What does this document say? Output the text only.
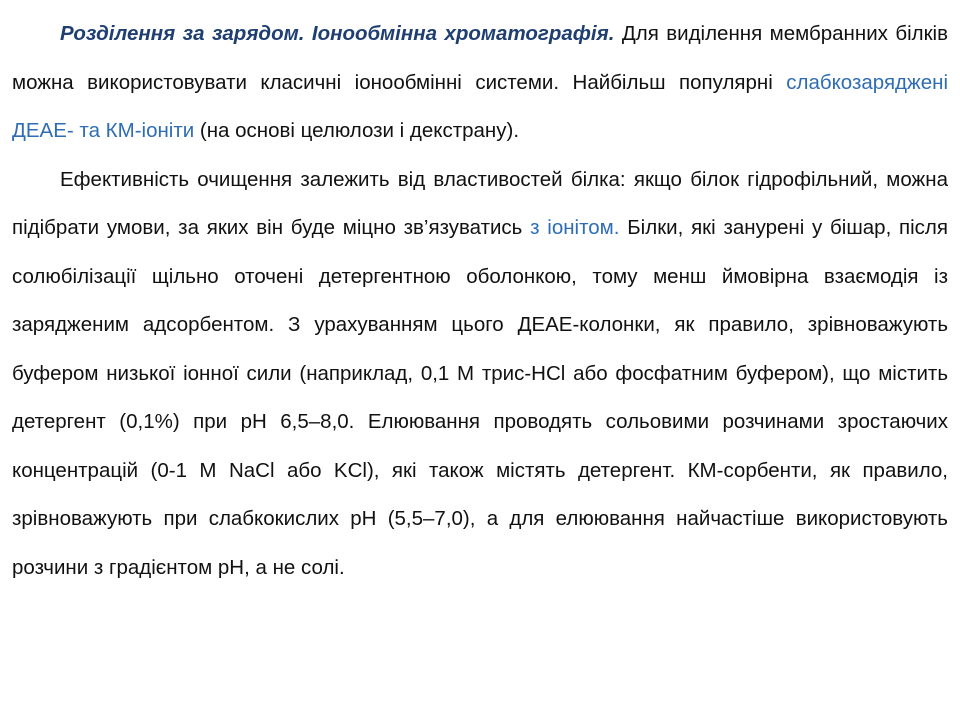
Розділення за зарядом. Іонообмінна хроматографія. Для виділення мембранних білків можна використовувати класичні іонообмінні системи. Найбільш популярні слабкозаряджені ДЕАЕ- та КМ-іоніти (на основі целюлози і декстрану).

Ефективність очищення залежить від властивостей білка: якщо білок гідрофільний, можна підібрати умови, за яких він буде міцно зв’язуватись з іонітом. Білки, які занурені у бішар, після солюбілізації щільно оточені детергентною оболонкою, тому менш ймовірна взаємодія із зарядженим адсорбентом. З урахуванням цього ДЕАЕ-колонки, як правило, зрівноважують буфером низької іонної сили (наприклад, 0,1 М трис-HCl або фосфатним буфером), що містить детергент (0,1%) при pH 6,5–8,0. Елюювання проводять сольовими розчинами зростаючих концентрацій (0-1 М NaCl або KCl), які також містять детергент. КМ-сорбенти, як правило, зрівноважують при слабкокислих pH (5,5–7,0), а для елюювання найчастіше використовують розчини з градієнтом pH, а не солі.
